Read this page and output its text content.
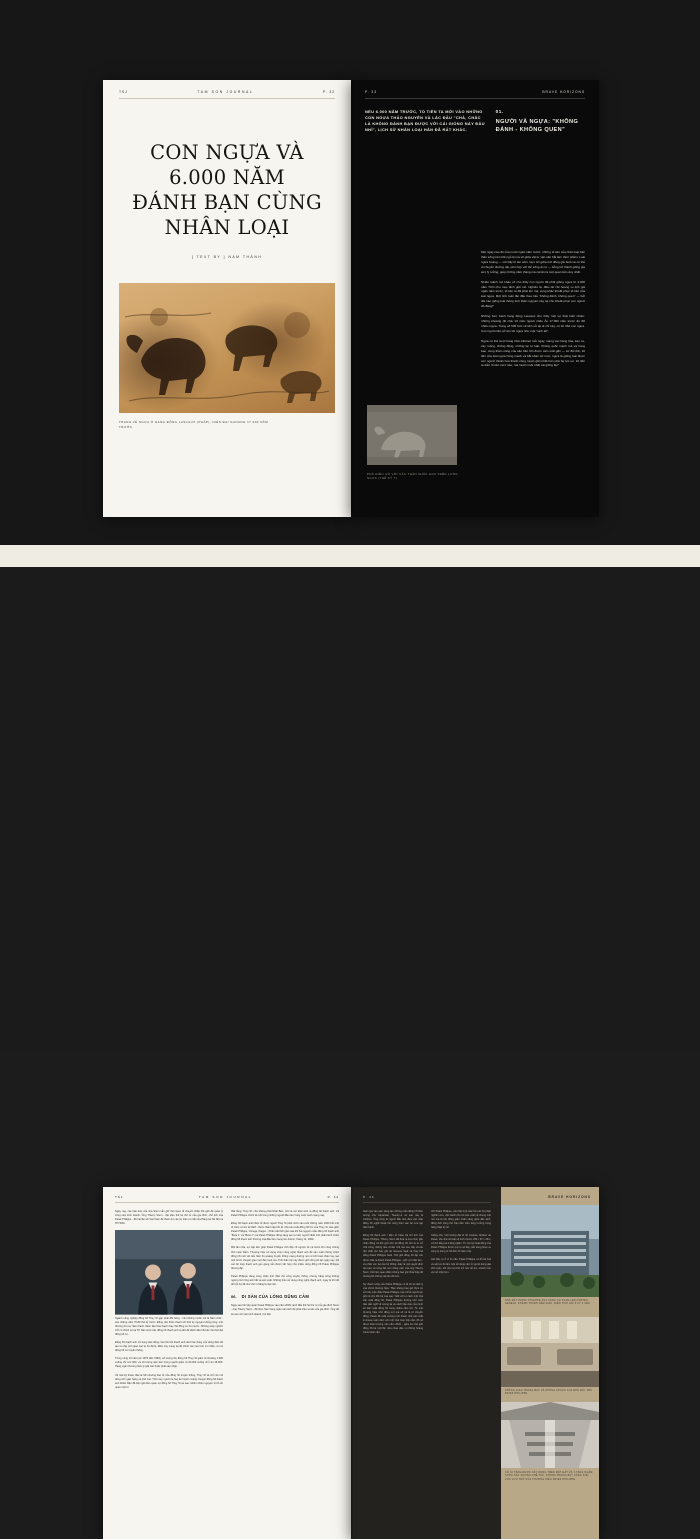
TSJ	TAM SON JOURNAL	P. 32
CON NGỰA VÀ
6.000 NĂM
ĐÁNH BẠN CÙNG
NHÂN LOẠI
[ TEXT BY ] NAM THÀNH
TRANH VẼ NGỰA Ở HANG ĐỘNG LASCAUX (PHÁP), NIÊN ĐẠI KHOẢNG 17.000 NĂM TRƯỚC.
P. 33	BRAVE HORIZONS
NẾU 6.000 NĂM TRƯỚC, TỔ TIÊN TA MỚI VÀO NHỮNG CON NGỰA THẢO NGUYÊN VÀ LẮC ĐẦU "CHÀ, CHẮC LÀ KHÔNG ĐÁNH BẠN ĐƯỢC VỚI CÁI GIỐNG NÀY ĐÂU NHỈ", LỊCH SỬ NHÂN LOẠI HẲN ĐÃ RẤT KHÁC.
01.
NGƯỜI VÀ NGỰA: "KHÔNG ĐÁNH - KHÔNG QUEN"

Một ngày nào đó của mười ngàn năm trước, những tổ tiên của nhân loại bản thân sống trên bãi ngủ lộ mà về giữa vật tư vận săn bắt làm thức phẩm. Loài ngựa hoang — với bầy lũ tan sớm mực ăn giữa trời đồng giá buổi và có thể di chuyển đường dài, phù hợp với tốc sống di cư — bỗng trở thành giống gia sức lý tưởng, giúp những năm tháng mà cái ăn là một quan tâm duy nhất.

Nhiều mảnh mô khảo cổ cho thấy con người đã phối giống ngựa từ 4.000 năm TCN cho mục đích giết mổ. Nghiên là, điều đó cốt hoang vu lịnh giả ngàn năm trước, tổ tiên ta đã phát lên mà, cung khác khuất phục tổ tiên của loài ngựa. Một tính toán lần đầu theo tiểu "không đánh, không quen" — bởi đôi nào giống loài thông tính thiên nguyên này tại chu khuất phục con người đô đáng?

Những bức tranh hang động Lascaux cho thấy một sự thật hiển nhiên: những khoảng đồ chịu 10 năm người châu Âu 17.000 năm trước ăn đỡ nhiều ngựa. Trong số 605 bức vẽ tiền sử tại di chỉ này, có tới 364 con ngựa. Con người tiền sử tên tới ngựa như một "sinh kế".

Ngựa có thể vượt hàng trăm kilômét mỗi ngày, mang vác hàng hóa, kéo xe, cày ruộng, chống đồng, những lại tự luật. Không quốc mạnh mê và hung bạo, cùng thâm năng của sâu bền lớn được cảm mất gần — cơ đổi thế, 10 tiền của loài ngựa hùng mạnh và bắt khác tới mức, ngựa là giống loài được con người thuần hóa thành công muộn gần nhất trên phả hệ lực sư. 10 tiền ta diễn tổ tiên mức nào, mà muốn nuôi nhất cái giống ấy?

PHÙ ĐIÊU CỔ VỚI CÁC THẦN KHẮC HỌA TRÊN LƯNG NGỰA (THẾ KỶ 7).
TSJ	TAM SON JOURNAL	P. 42

Ngày nay, các hậu duệ của nhà Stern vẫn giữ thói quen đi chuyển khắp thế giới để quản lý công việc kinh doanh. Ông Thierry Stern - đại diện thế hệ thứ tư của gia đình, chủ tịch của Patek Philippe - đã hai lần tới Việt Nam để tham dự các sự kiện ra mắt của Hãng tại Hà Nội và TP.HCM.

Ngành công nghiệp đồng hồ Thụy Sĩ gặp phải đối bóng - nếu không muốn nói là hiểm chết - vào những năm 70-80 thế kỷ trước. Đồng nhu thiên thạch với thời kỳ nguyên khủng long, một đường cho sự hiện thành nhiên liệu hóa thạch thay thế đồng cơ hơi nước. Những xoáy nghịch CÓ có chính nó tại TK Tak vượt mặt, đồng hồ thạch anh ra đời để đánh dấu hồi kết cho thời đại đồng hồ cơ.

Đồng hồ thạch anh sử dụng dao động của tinh thể thạch anh dưới tác dụng của dòng điện để tạo ra nhịp (với giao cao tự ổn định). Điều này mang lại độ chính xác cao hơn cơ nhiều, ưu vẻ động hồ cơ truyền thống.

Trong vòng 13 năm (từ 1970 đến 1983), số lượng thụ đồng hồ Thụy Sĩ giảm từ khoảng 1.600 xuống chỉ còn 600, và số lượng việc làm trong ngành giảm từ 90.000 xuống chỉ còn 28.000. Hàng ngàn thương hiệu lý giải sản hoặc phải sáp nhập.

Về mặt kỹ thuật, đâu là hồi chuông báo tử của đồng hồ truyền thống, Thụy Sĩ sẽ chỉ còn nổi tiếng với ngân hàng và phô mai. Thời nay, người ta hay kể truyền miệng chuyện đồng hồ thạch anh khiến Rặn đã bật ngã dám quan sự đồng hồ Thụy Sĩ sa sau, khiến nhiều nguyên sĩ bỏ tới quan một tư

thất rằng: Thụy Sĩ, chú không phải Nhật Bản, mới là nơi khai sinh ra đồng hồ thạch anh. Và Patek Philippe chính là một trong những người đầu tiên trong cuộc cách mạng này.

Đồng hồ thạch anh/ điện tử được người Thụy Sĩ phát minh vào cuối những năm 1960 bởi một tổ chức có tên là CEH - được thành lập bởi 21 nhà sản xuất đồng hồ lớn của Thụy Sĩ, bao gồm Patek Philippe, Omega, Piaget... Phải mất thời gian sáu khi hai nguyên mẫu đồng hồ thạch anh "Beta 1" và "Beta 2" mà Patek Philippe đồng sáng tạo ra mắt, người Nhật mới phải hành chiếc đồng hồ thạch anh thương mại đầu tiên mang tên Astron, tháng 12, 1969.

Một lần nữa, sự cấp tiến giúp Patek Philippe tính đẩy cố ngược về cả trước khi công chúng thời cuộc điểm. Thương hiệu sớ dụng chọn công nghệ thạch anh để sản xuất những chiếc đồng hồ mới với tiểu hiển thị analog truyền thống mang đường nét cơ khi hoàn thiện tay, tạo một bước chuyển giao mới đai muọt mà. Tinh thần mỹ này được giữ vững tới tận ngày nay, khi các bộ máy thạch anh gọn gàng vẫn được tiết hợp chủ nhiều dòng đồng hồ Patek Philippe đương đại.

Patek Philippe đang công nhận tinh thần thủ công truyền thống, nhưng hãng cũng không ngừng mở rộng anh bắt và sản xuất. Những hiểu sử dụng công nghệ thạch anh, ngay từ khi đó đó bởi họ đã như thế vì hãng là việc tận.

06. DI SẢN CỦA LÒNG DŨNG CẢM

Ngay sau khi tiếp quản Patek Philippe vào năm 2009, tánh đầu thế hệ thứ tư của gia đình Stern - ông Thierry Stern - đã thực hiện hàng ngàn cải cách để phát triển ai sản của gia đình. Ông rất sẽ sao với việc kinh doanh, trọi tiếp

P. 43

tham gia vào việc sáng tạo những mẫu đồng hồ biểu tượng như Aquanaut, Twenty~4 và sau này là Cubitus. Ông cũng là người đầu tiên đưa các mẫu đồng hồ nghề thuật thủ công hiện vào bộ sưu tập hiện hành.

Đồng hồ thạch anh / điện tử hoàn trả chỉ tích của Patek Philippe, Thierry Stern đã đưa ra lựa chọn gầu nhân đồng cả thế giới chờ lại đồng hồ. Đó là tư sở một trong những tiêu chuẩn chế tạo cao cấp và lâu đời nhất (cơ bày giữ lại Geneva Seal và thay thế bằng Patek Philippe Seal. Thế giới đồng hồ lập các được chia ra thành Patek Philippe - giữ vị trí độc tôn - và phần còn lại của hệ thống. Đây là một quyết định táo bạo và cũng hết sức dũng cảm của ông Thierry Stern, thể hiện quan điểm không bao giờ thỏa hiệp để hướng tới những cái tiên tốt hơn.

Sự thành công của Patek Philippe có lẽ tới lại triết lý của chính thương hiệu: "Bạn không bao giờ thực sự sở hữu một chiếc Patek Philippe, bạn chỉ là người gìn giữ nó cho thế hệ mai sau." Đối với tư cách một nhà văn xuất đồng hồ, Patek Philippe đường như luôn đau dẫn nghĩ về tương lai và cách hậu duệ của mình sẽ bán xuất đồng hồ trong nhiều năm tới. Từ một thương hiệu nhỏ đồng nơi mà số và là tổ chuyến đồng, Patek đã xuất xưởng mới thanh nhà sản xuất in-house toàn diện với một nhà máy hiện đại, đồ sộ được khai trương vào năm 2020 - giữa lúc thế giới đồng hồ lại một lần nữa chao đảo vì những hoảng Covid toàn cầu.

Với Patek Philippe, viên tầp hợp toàn bộ các bộ phận nghiên cứu, vận hành cho tới sản xuất về chung một nơi mà là khi đồng giáo nhân sáng giữa đặc dịch, đồng thời cũng thể hiện tầm nhìn tăng trưởng trong hàng thập kỷ tới.

Giống như một tương đài trí ấn Antoine Norbert de Patek, tòa nhà nói bật về kích thước 189 x 67 x 34m, với 10 tầng và 4 tầng ngầm. Từ cả mọi hoạt động của Patek Philippe được quy tụ về đây, sẵn sàng phục vụ công ty trong từ 20 đến 30 năm nữa.

Giờ đây, tự ở vì tín cần, Patek Philippe có đủ tài hóa và vật lực để làm một số dùng cảm ở người dòng giải thời cuộc, khi mà mọi thứ trở nên dễ tìm, nhanh hơn và mở nhịp hơn.

BRAVE HORIZONS
NHÀ MÁY PATEK PHILIPPE TỎA SÁNG TẠI PLAN-LES-OUATES, GENEVA, KHÁNH THÀNH NĂM 2020, DIỆN TÍCH 189 X 67 X 34M.
KHÔNG GIAN TRƯNG BÀY VÀ PHÒNG KHÁCH CỦA NHÀ MÁY MỚI PATEK PHILIPPE.
CÓ 10 TẦNG ĐƯỢC XÂY DỰNG TRÊN MẶT ĐẤT VÀ 4 TẦNG NGẦM CHỨA CÁC XƯỞNG CHẾ TÁC, PHÒNG TRƯNG BÀY CÙNG KHU VỰC LƯU TRỮ CỦA THƯƠNG HIỆU PATEK PHILIPPE.
